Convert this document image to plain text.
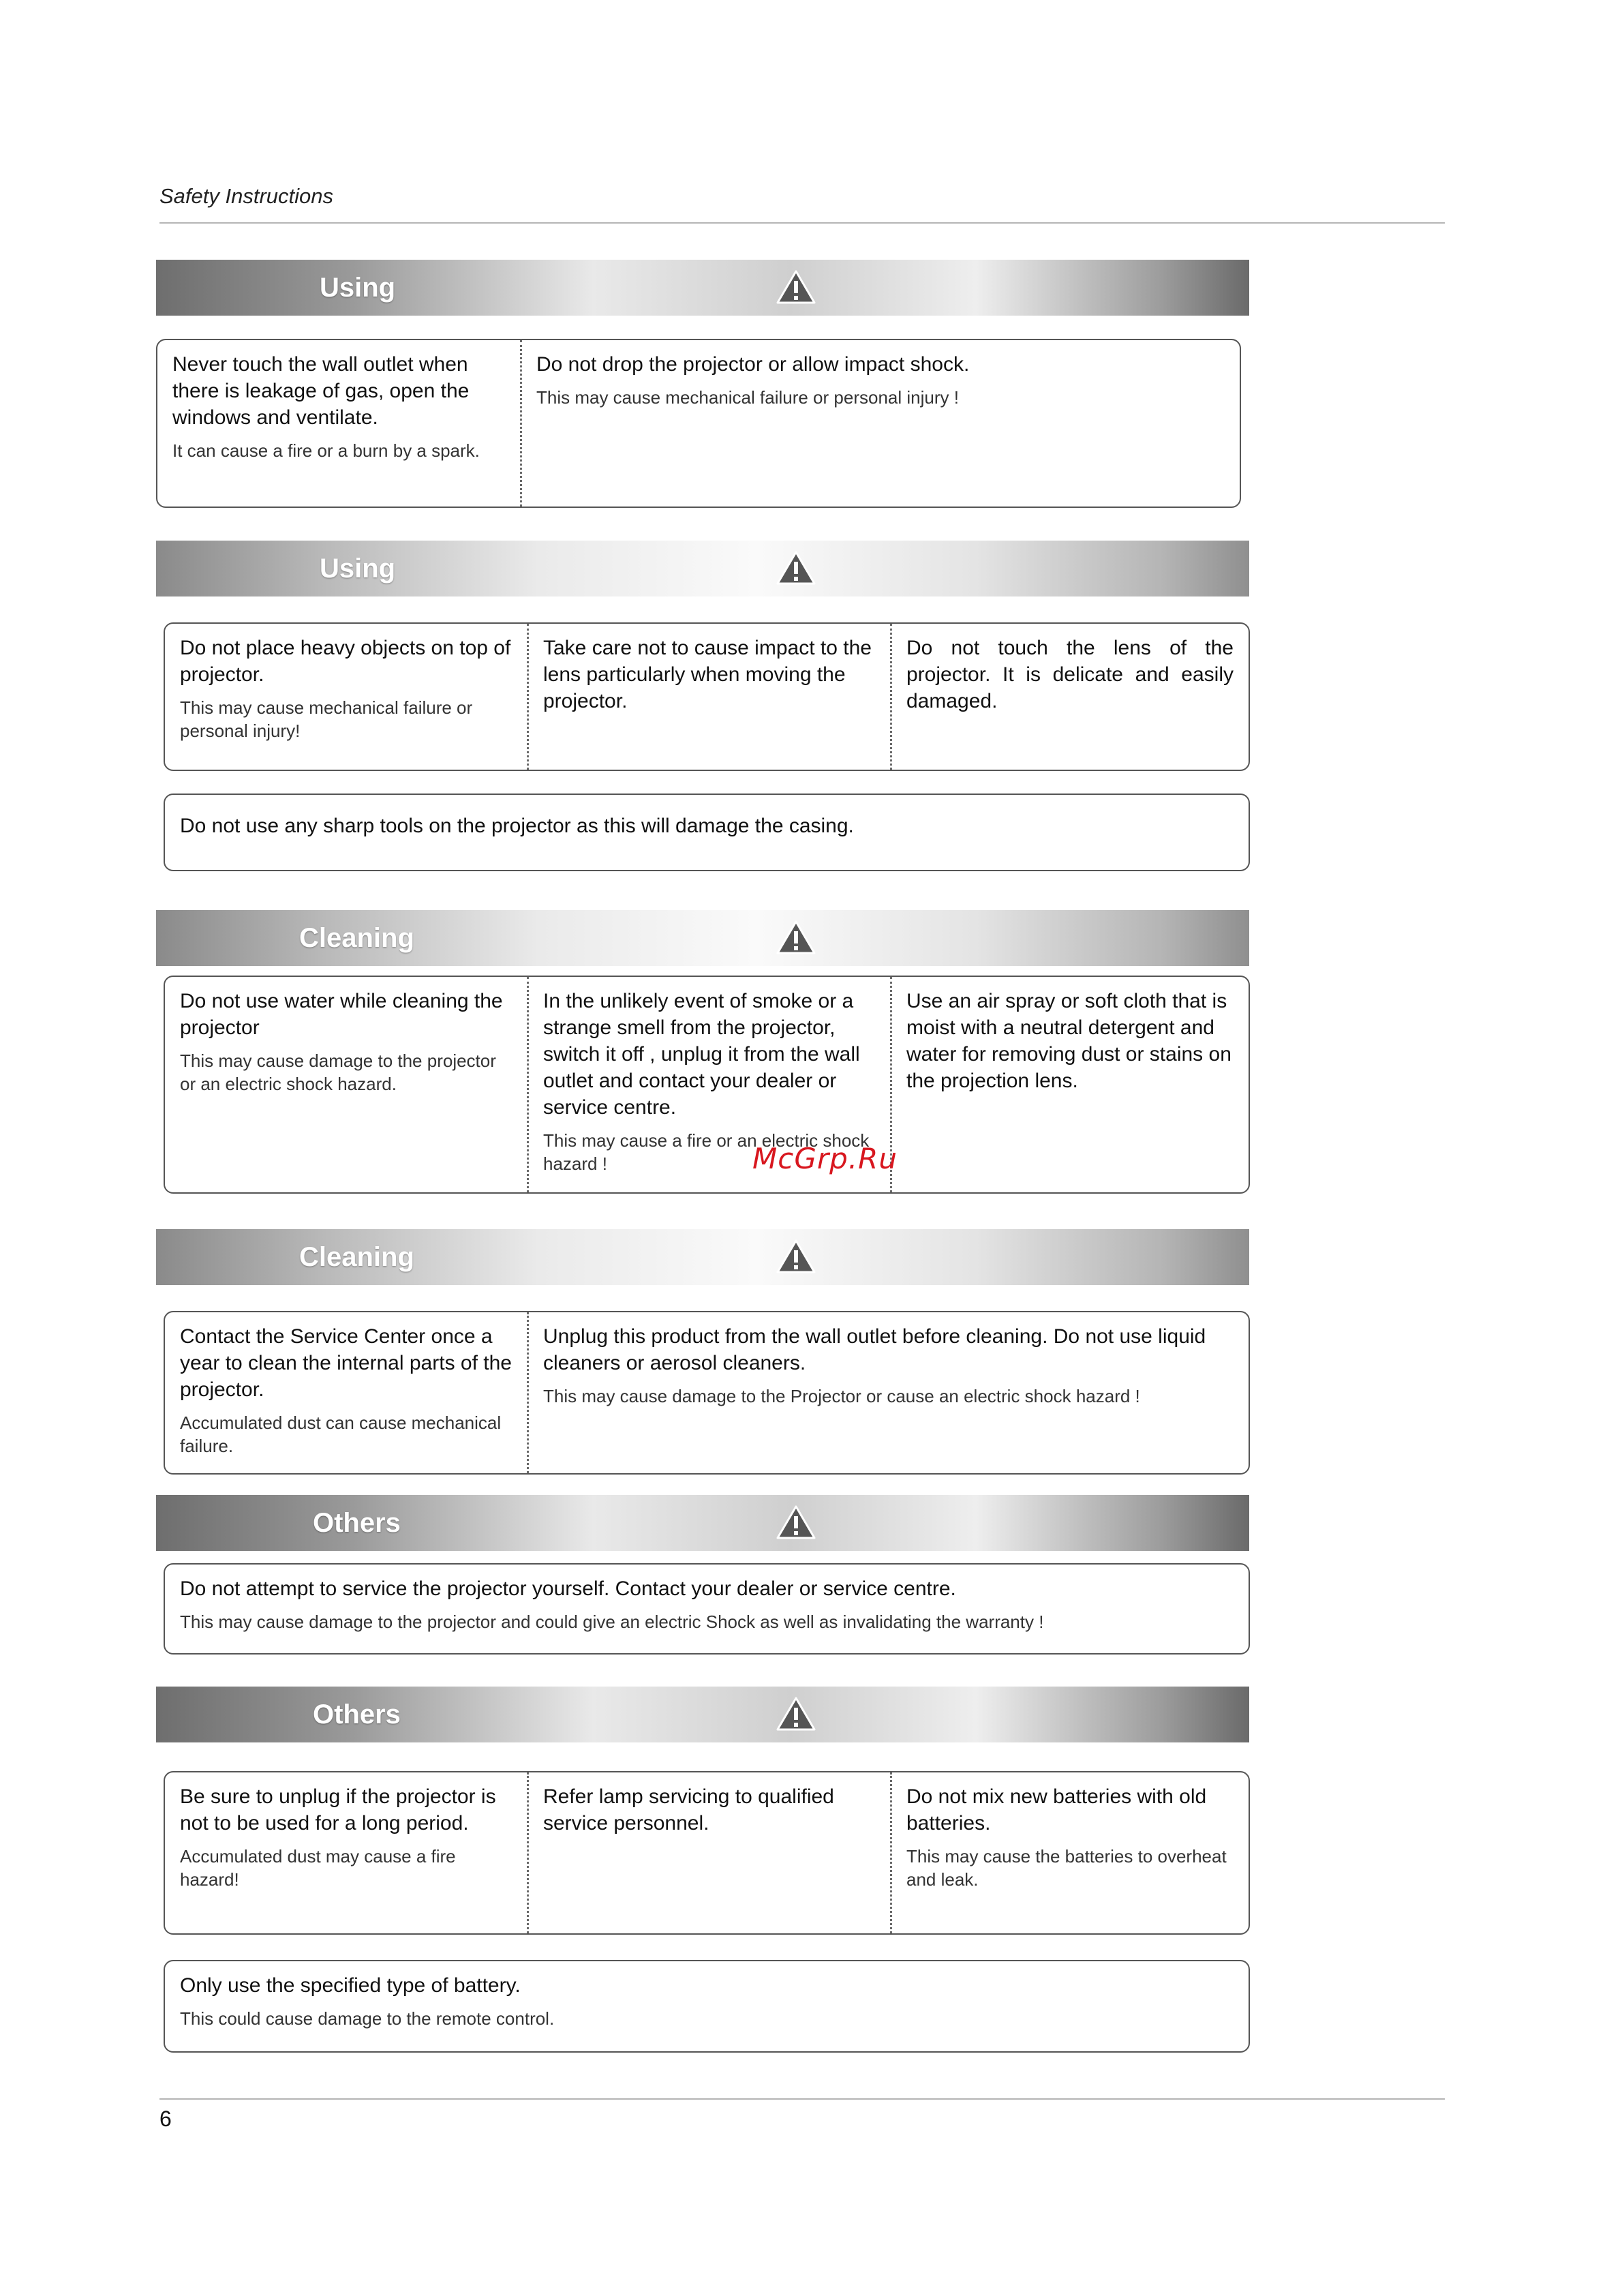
Safety Instructions
Using

Never touch the wall outlet when there is leakage of gas, open the windows and ventilate.

It can cause a fire or a burn by a spark.

Do not drop the projector or allow impact shock.

This may cause mechanical failure or personal injury !

Using

Do not place heavy objects on top of projector.

This may cause mechanical failure or personal injury!

Take care not to cause impact to the lens particularly when moving the projector.

Do not touch the lens of the projector. It is delicate and easily damaged.

Do not use any sharp tools on the projector as this will damage the casing.

Cleaning

Do not use water while cleaning the projector

This may cause damage to the projector or an electric shock hazard.

In the unlikely event of smoke or a strange smell from the projector, switch it off , unplug it from the wall outlet and contact your dealer or service centre.

This may cause a fire or an electric shock hazard !

Use an air spray or soft cloth that is moist with a neutral detergent and water for removing dust or stains on the projection lens.

McGrp.Ru
Cleaning

Contact the Service Center once a year to clean the internal parts of the projector.

Accumulated dust can cause mechanical failure.

Unplug this product from the wall outlet before cleaning. Do not use liquid cleaners or aerosol cleaners.

This may cause damage to the Projector or cause an electric shock hazard !

Others

Do not attempt to service the projector yourself. Contact your dealer or service centre.

This may cause damage to the projector and could give an electric Shock as well as invalidating the warranty !

Others

Be sure to unplug if the projector is not to be used for a long period.

Accumulated dust may cause a fire hazard!

Refer lamp servicing to qualified service personnel.

Do not mix new batteries with old batteries.

This may cause the batteries to overheat and leak.

Only use the specified type of battery.

This could cause damage to the remote control.

6
